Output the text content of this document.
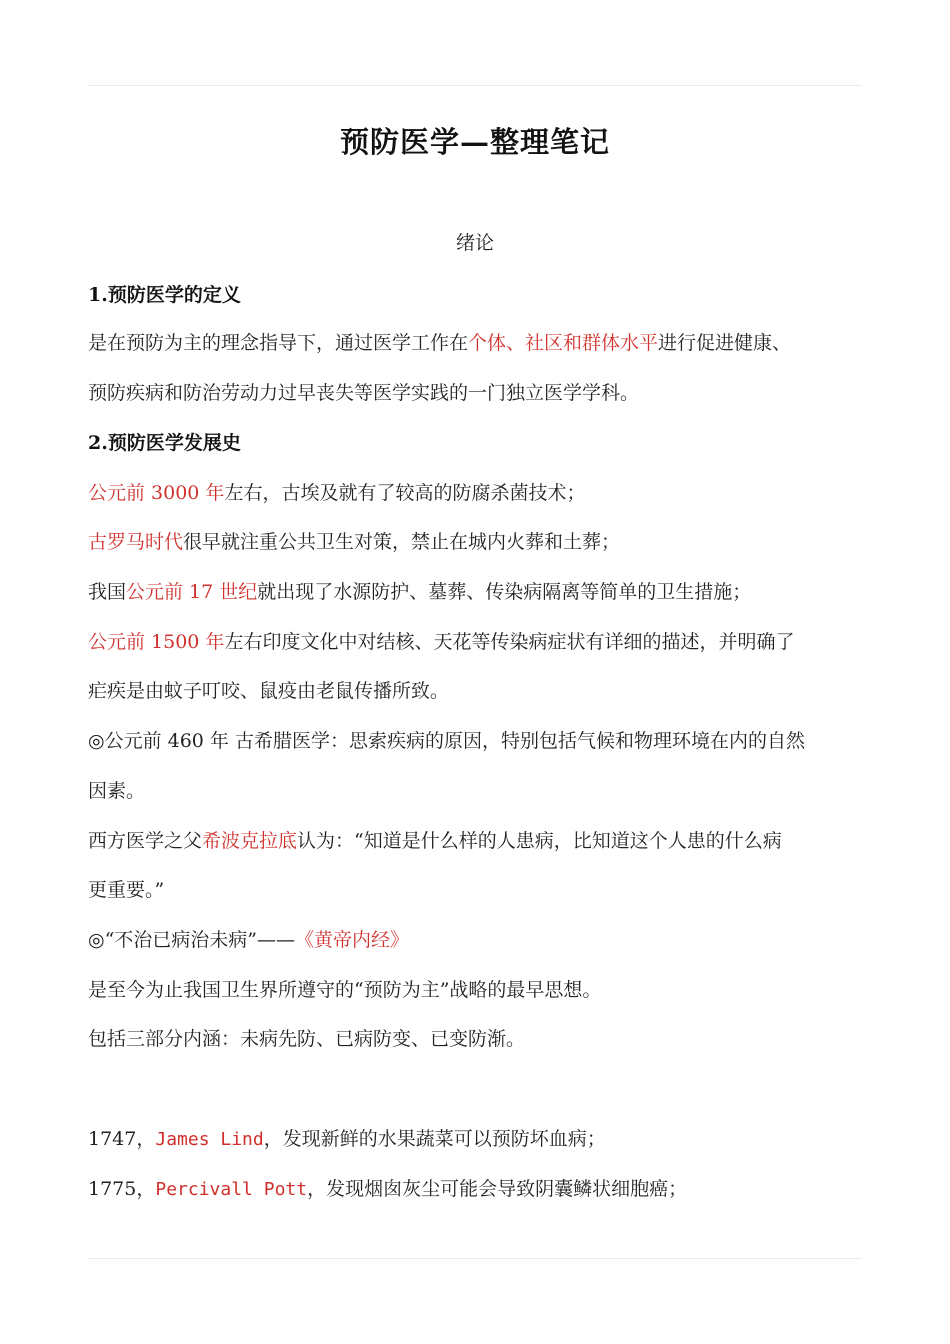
预防医学—整理笔记
绪论
1.预防医学的定义
是在预防为主的理念指导下，通过医学工作在个体、社区和群体水平进行促进健康、
预防疾病和防治劳动力过早丧失等医学实践的一门独立医学学科。
2.预防医学发展史
公元前 3000 年左右，古埃及就有了较高的防腐杀菌技术；
古罗马时代很早就注重公共卫生对策，禁止在城内火葬和土葬；
我国公元前 17 世纪就出现了水源防护、墓葬、传染病隔离等简单的卫生措施；
公元前 1500 年左右印度文化中对结核、天花等传染病症状有详细的描述，并明确了
疟疾是由蚊子叮咬、鼠疫由老鼠传播所致。
◎公元前 460 年 古希腊医学：思索疾病的原因，特别包括气候和物理环境在内的自然
因素。
西方医学之父希波克拉底认为：“知道是什么样的人患病，比知道这个人患的什么病
更重要。”
◎“不治已病治未病”——《黄帝内经》
是至今为止我国卫生界所遵守的“预防为主”战略的最早思想。
包括三部分内涵：未病先防、已病防变、已变防渐。
1747，James Lind，发现新鲜的水果蔬菜可以预防坏血病；
1775，Percivall Pott，发现烟囱灰尘可能会导致阴囊鳞状细胞癌；
